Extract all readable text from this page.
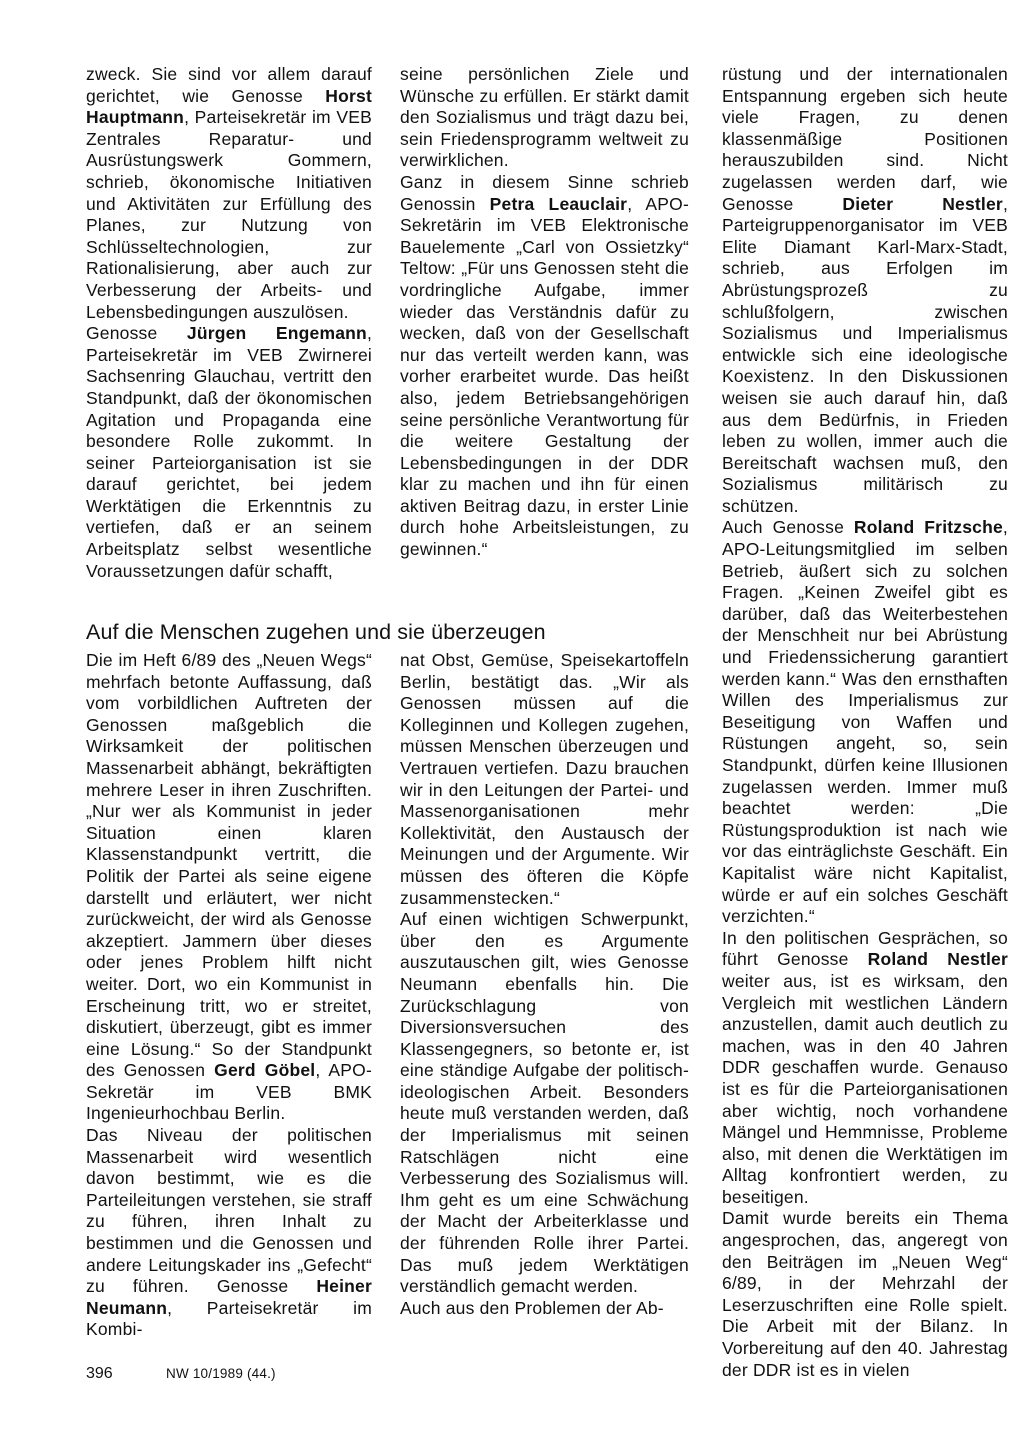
zweck. Sie sind vor allem darauf gerichtet, wie Genosse Horst Hauptmann, Parteisekretär im VEB Zentrales Reparatur- und Ausrüstungswerk Gommern, schrieb, ökonomische Initiativen und Aktivitäten zur Erfüllung des Planes, zur Nutzung von Schlüsseltechnologien, zur Rationalisierung, aber auch zur Verbesserung der Arbeits- und Lebensbedingungen auszulösen.

Genosse Jürgen Engemann, Parteisekretär im VEB Zwirnerei Sachsenring Glauchau, vertritt den Standpunkt, daß der ökonomischen Agitation und Propaganda eine besondere Rolle zukommt. In seiner Parteiorganisation ist sie darauf gerichtet, bei jedem Werktätigen die Erkenntnis zu vertiefen, daß er an seinem Arbeitsplatz selbst wesentliche Voraussetzungen dafür schafft,

seine persönlichen Ziele und Wünsche zu erfüllen. Er stärkt damit den Sozialismus und trägt dazu bei, sein Friedensprogramm weltweit zu verwirklichen.

Ganz in diesem Sinne schrieb Genossin Petra Leauclair, APO-Sekretärin im VEB Elektronische Bauelemente „Carl von Ossietzky“ Teltow: „Für uns Genossen steht die vordringliche Aufgabe, immer wieder das Verständnis dafür zu wecken, daß von der Gesellschaft nur das verteilt werden kann, was vorher erarbeitet wurde. Das heißt also, jedem Betriebsangehörigen seine persönliche Verantwortung für die weitere Gestaltung der Lebensbedingungen in der DDR klar zu machen und ihn für einen aktiven Beitrag dazu, in erster Linie durch hohe Arbeitsleistungen, zu gewinnen.“

rüstung und der internationalen Entspannung ergeben sich heute viele Fragen, zu denen klassenmäßige Positionen herauszubilden sind. Nicht zugelassen werden darf, wie Genosse Dieter Nestler, Parteigruppenorganisator im VEB Elite Diamant Karl-Marx-Stadt, schrieb, aus Erfolgen im Abrüstungsprozeß zu schlußfolgern, zwischen Sozialismus und Imperialismus entwickle sich eine ideologische Koexistenz. In den Diskussionen weisen sie auch darauf hin, daß aus dem Bedürfnis, in Frieden leben zu wollen, immer auch die Bereitschaft wachsen muß, den Sozialismus militärisch zu schützen.

Auch Genosse Roland Fritzsche, APO-Leitungsmitglied im selben Betrieb, äußert sich zu solchen Fragen. „Keinen Zweifel gibt es darüber, daß das Weiterbestehen der Menschheit nur bei Abrüstung und Friedenssicherung garantiert werden kann.“ Was den ernsthaften Willen des Imperialismus zur Beseitigung von Waffen und Rüstungen angeht, so, sein Standpunkt, dürfen keine Illusionen zugelassen werden. Immer muß beachtet werden: „Die Rüstungsproduktion ist nach wie vor das einträglichste Geschäft. Ein Kapitalist wäre nicht Kapitalist, würde er auf ein solches Geschäft verzichten.“

In den politischen Gesprächen, so führt Genosse Roland Nestler weiter aus, ist es wirksam, den Vergleich mit westlichen Ländern anzustellen, damit auch deutlich zu machen, was in den 40 Jahren DDR geschaffen wurde. Genauso ist es für die Parteiorganisationen aber wichtig, noch vorhandene Mängel und Hemmnisse, Probleme also, mit denen die Werktätigen im Alltag konfrontiert werden, zu beseitigen.

Damit wurde bereits ein Thema angesprochen, das, angeregt von den Beiträgen im „Neuen Weg“ 6/89, in der Mehrzahl der Leserzuschriften eine Rolle spielt. Die Arbeit mit der Bilanz. In Vorbereitung auf den 40. Jahrestag der DDR ist es in vielen

Auf die Menschen zugehen und sie überzeugen

Die im Heft 6/89 des „Neuen Wegs“ mehrfach betonte Auffassung, daß vom vorbildlichen Auftreten der Genossen maßgeblich die Wirksamkeit der politischen Massenarbeit abhängt, bekräftigten mehrere Leser in ihren Zuschriften. „Nur wer als Kommunist in jeder Situation einen klaren Klassenstandpunkt vertritt, die Politik der Partei als seine eigene darstellt und erläutert, wer nicht zurückweicht, der wird als Genosse akzeptiert. Jammern über dieses oder jenes Problem hilft nicht weiter. Dort, wo ein Kommunist in Erscheinung tritt, wo er streitet, diskutiert, überzeugt, gibt es immer eine Lösung.“ So der Standpunkt des Genossen Gerd Göbel, APO-Sekretär im VEB BMK Ingenieurhochbau Berlin.

Das Niveau der politischen Massenarbeit wird wesentlich davon bestimmt, wie es die Parteileitungen verstehen, sie straff zu führen, ihren Inhalt zu bestimmen und die Genossen und andere Leitungskader ins „Gefecht“ zu führen. Genosse Heiner Neumann, Parteisekretär im Kombi-

nat Obst, Gemüse, Speisekartoffeln Berlin, bestätigt das. „Wir als Genossen müssen auf die Kolleginnen und Kollegen zugehen, müssen Menschen überzeugen und Vertrauen vertiefen. Dazu brauchen wir in den Leitungen der Partei- und Massenorganisationen mehr Kollektivität, den Austausch der Meinungen und der Argumente. Wir müssen des öfteren die Köpfe zusammenstecken.“

Auf einen wichtigen Schwerpunkt, über den es Argumente auszutauschen gilt, wies Genosse Neumann ebenfalls hin. Die Zurückschlagung von Diversionsversuchen des Klassengegners, so betonte er, ist eine ständige Aufgabe der politisch-ideologischen Arbeit. Besonders heute muß verstanden werden, daß der Imperialismus mit seinen Ratschlägen nicht eine Verbesserung des Sozialismus will. Ihm geht es um eine Schwächung der Macht der Arbeiterklasse und der führenden Rolle ihrer Partei. Das muß jedem Werktätigen verständlich gemacht werden.

Auch aus den Problemen der Ab-

396	NW 10/1989 (44.)
